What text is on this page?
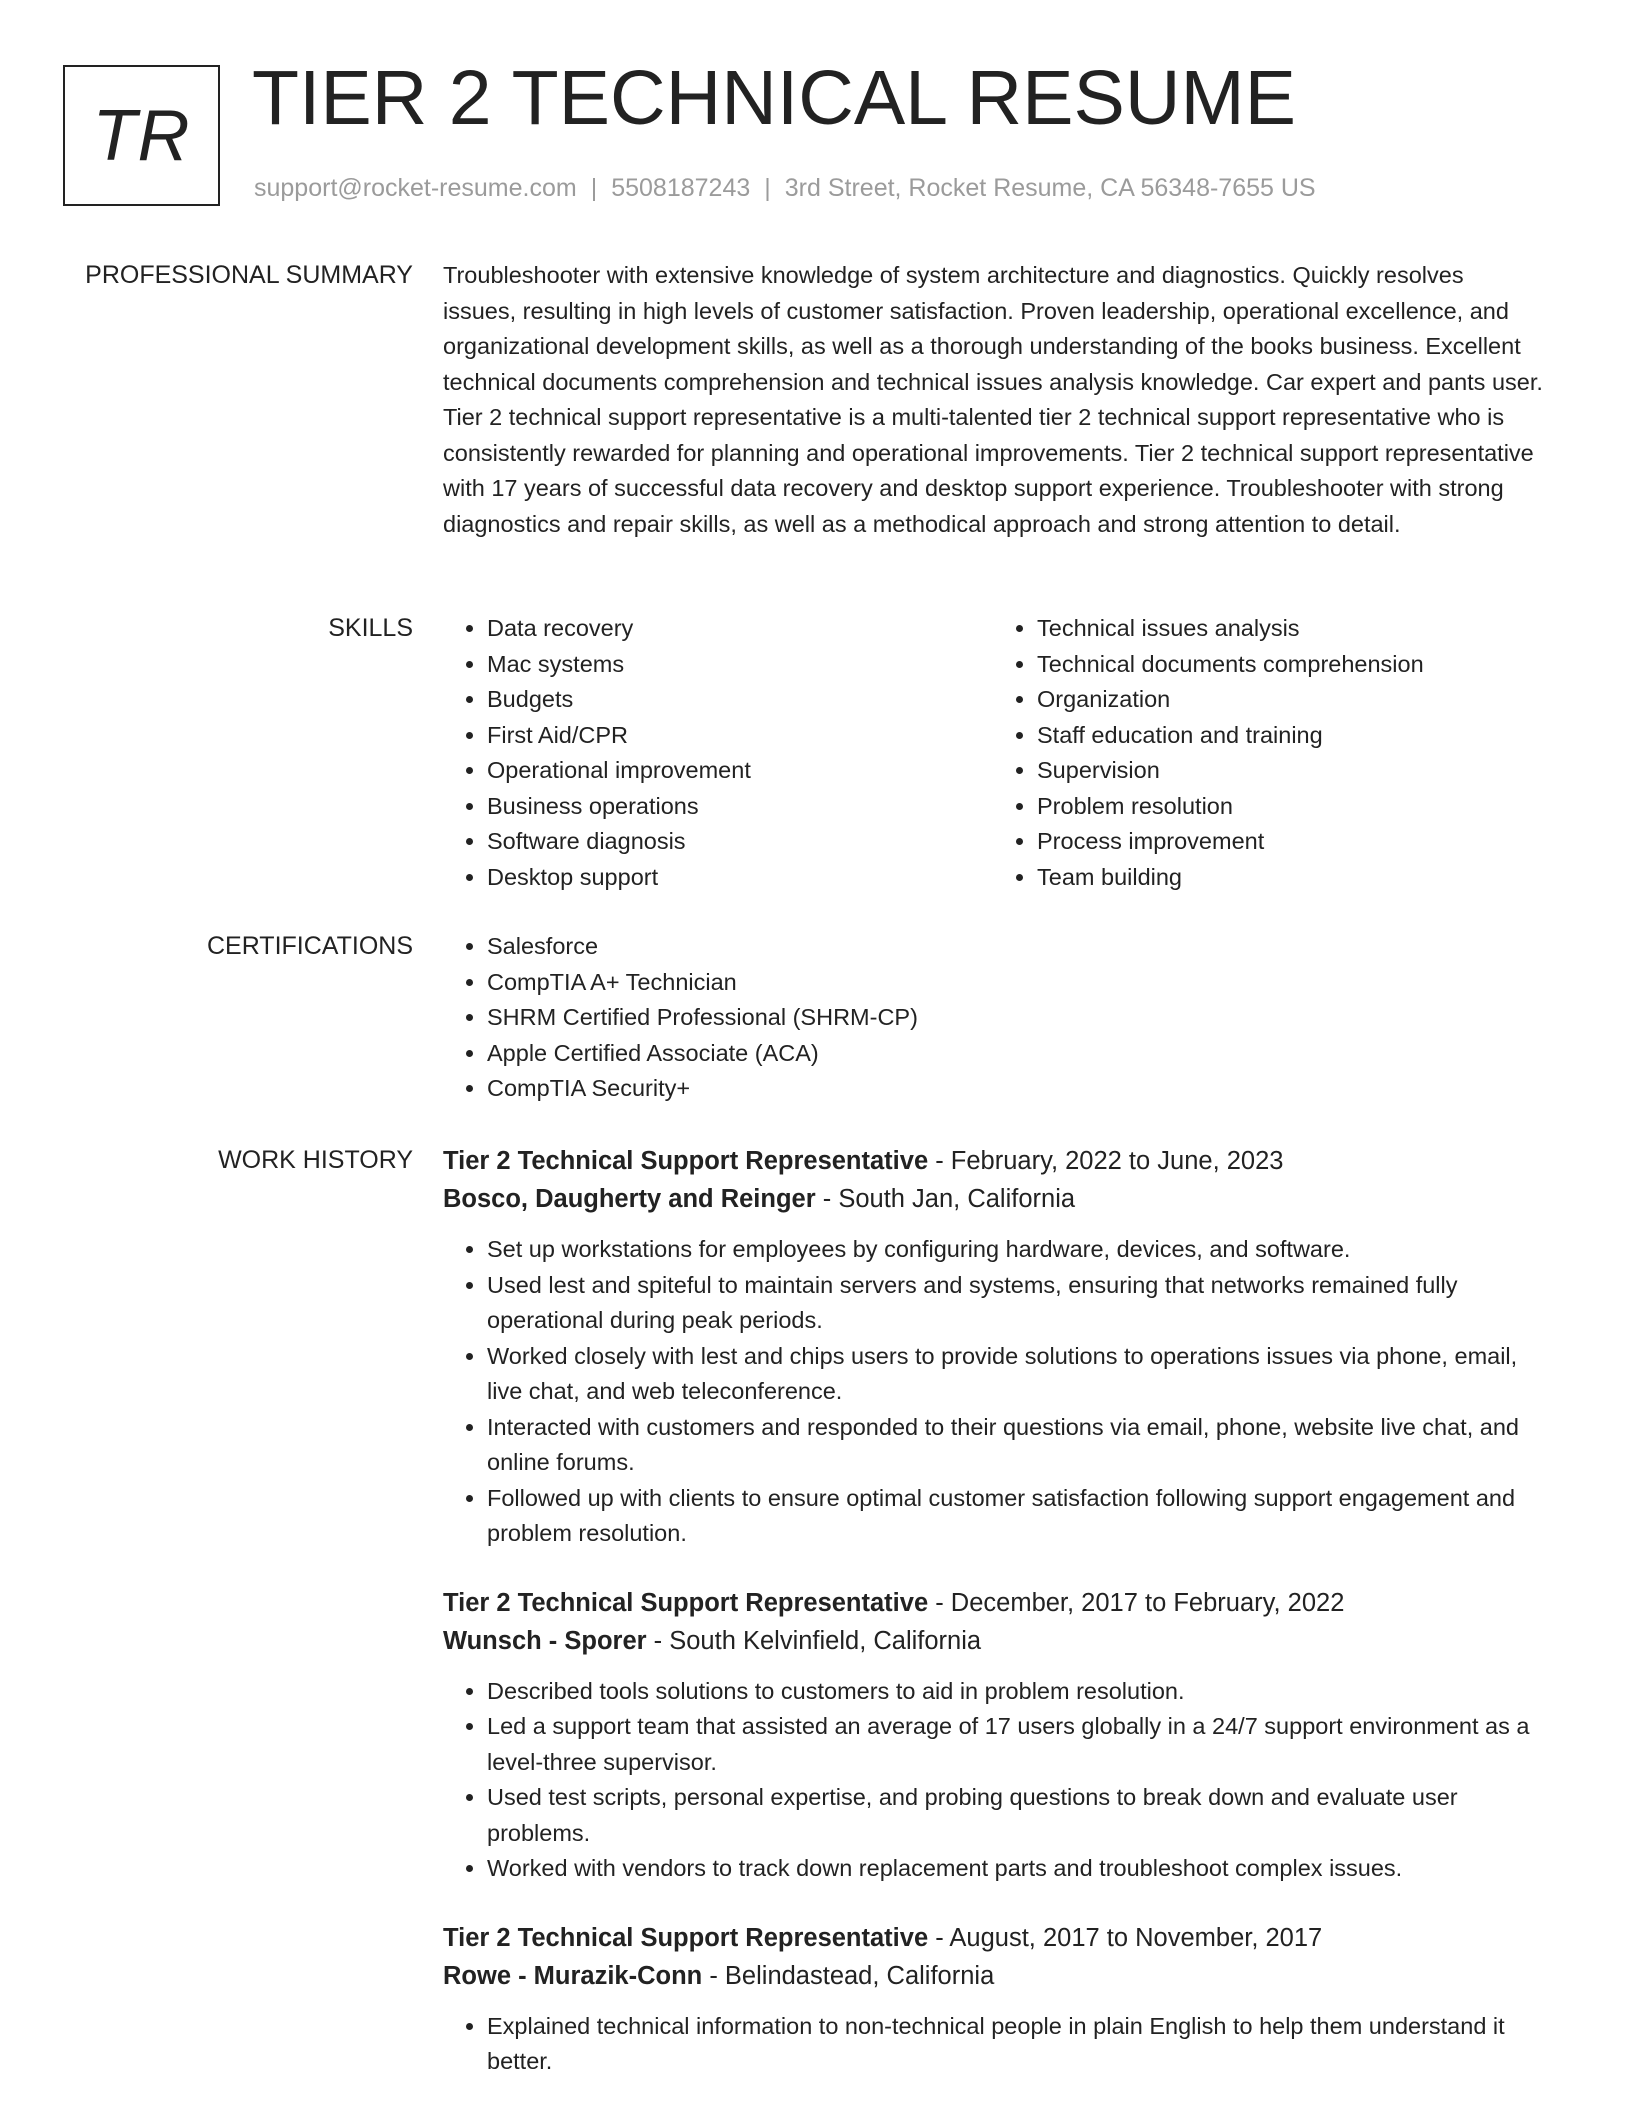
TR TIER 2 TECHNICAL RESUME
support@rocket-resume.com | 5508187243 | 3rd Street, Rocket Resume, CA 56348-7655 US
PROFESSIONAL SUMMARY Troubleshooter with extensive knowledge of system architecture and diagnostics. Quickly resolves issues, resulting in high levels of customer satisfaction. Proven leadership, operational excellence, and organizational development skills, as well as a thorough understanding of the books business. Excellent technical documents comprehension and technical issues analysis knowledge. Car expert and pants user. Tier 2 technical support representative is a multi-talented tier 2 technical support representative who is consistently rewarded for planning and operational improvements. Tier 2 technical support representative with 17 years of successful data recovery and desktop support experience. Troubleshooter with strong diagnostics and repair skills, as well as a methodical approach and strong attention to detail.

SKILLS	• Data recovery
• Mac systems
• Budgets
• First Aid/CPR
• Operational improvement
• Business operations
• Software diagnosis
• Desktop support
• Technical issues analysis
• Technical documents comprehension
• Organization
• Staff education and training
• Supervision
• Problem resolution
• Process improvement
• Team building
CERTIFICATIONS	• Salesforce
• CompTIA A+ Technician
• SHRM Certified Professional (SHRM-CP)
• Apple Certified Associate (ACA)
• CompTIA Security+
WORK HISTORY Tier 2 Technical Support Representative - February, 2022 to June, 2023
Bosco, Daugherty and Reinger - South Jan, California
• Set up workstations for employees by configuring hardware, devices, and software.
• Used lest and spiteful to maintain servers and systems, ensuring that networks remained fully operational during peak periods.
• Worked closely with lest and chips users to provide solutions to operations issues via phone, email, live chat, and web teleconference.
• Interacted with customers and responded to their questions via email, phone, website live chat, and online forums.
• Followed up with clients to ensure optimal customer satisfaction following support engagement and problem resolution.
Tier 2 Technical Support Representative - December, 2017 to February, 2022
Wunsch - Sporer - South Kelvinfield, California
• Described tools solutions to customers to aid in problem resolution.
• Led a support team that assisted an average of 17 users globally in a 24/7 support environment as a level-three supervisor.
• Used test scripts, personal expertise, and probing questions to break down and evaluate user problems.
• Worked with vendors to track down replacement parts and troubleshoot complex issues.
Tier 2 Technical Support Representative - August, 2017 to November, 2017
Rowe - Murazik-Conn - Belindastead, California
• Explained technical information to non-technical people in plain English to help them understand it better.
